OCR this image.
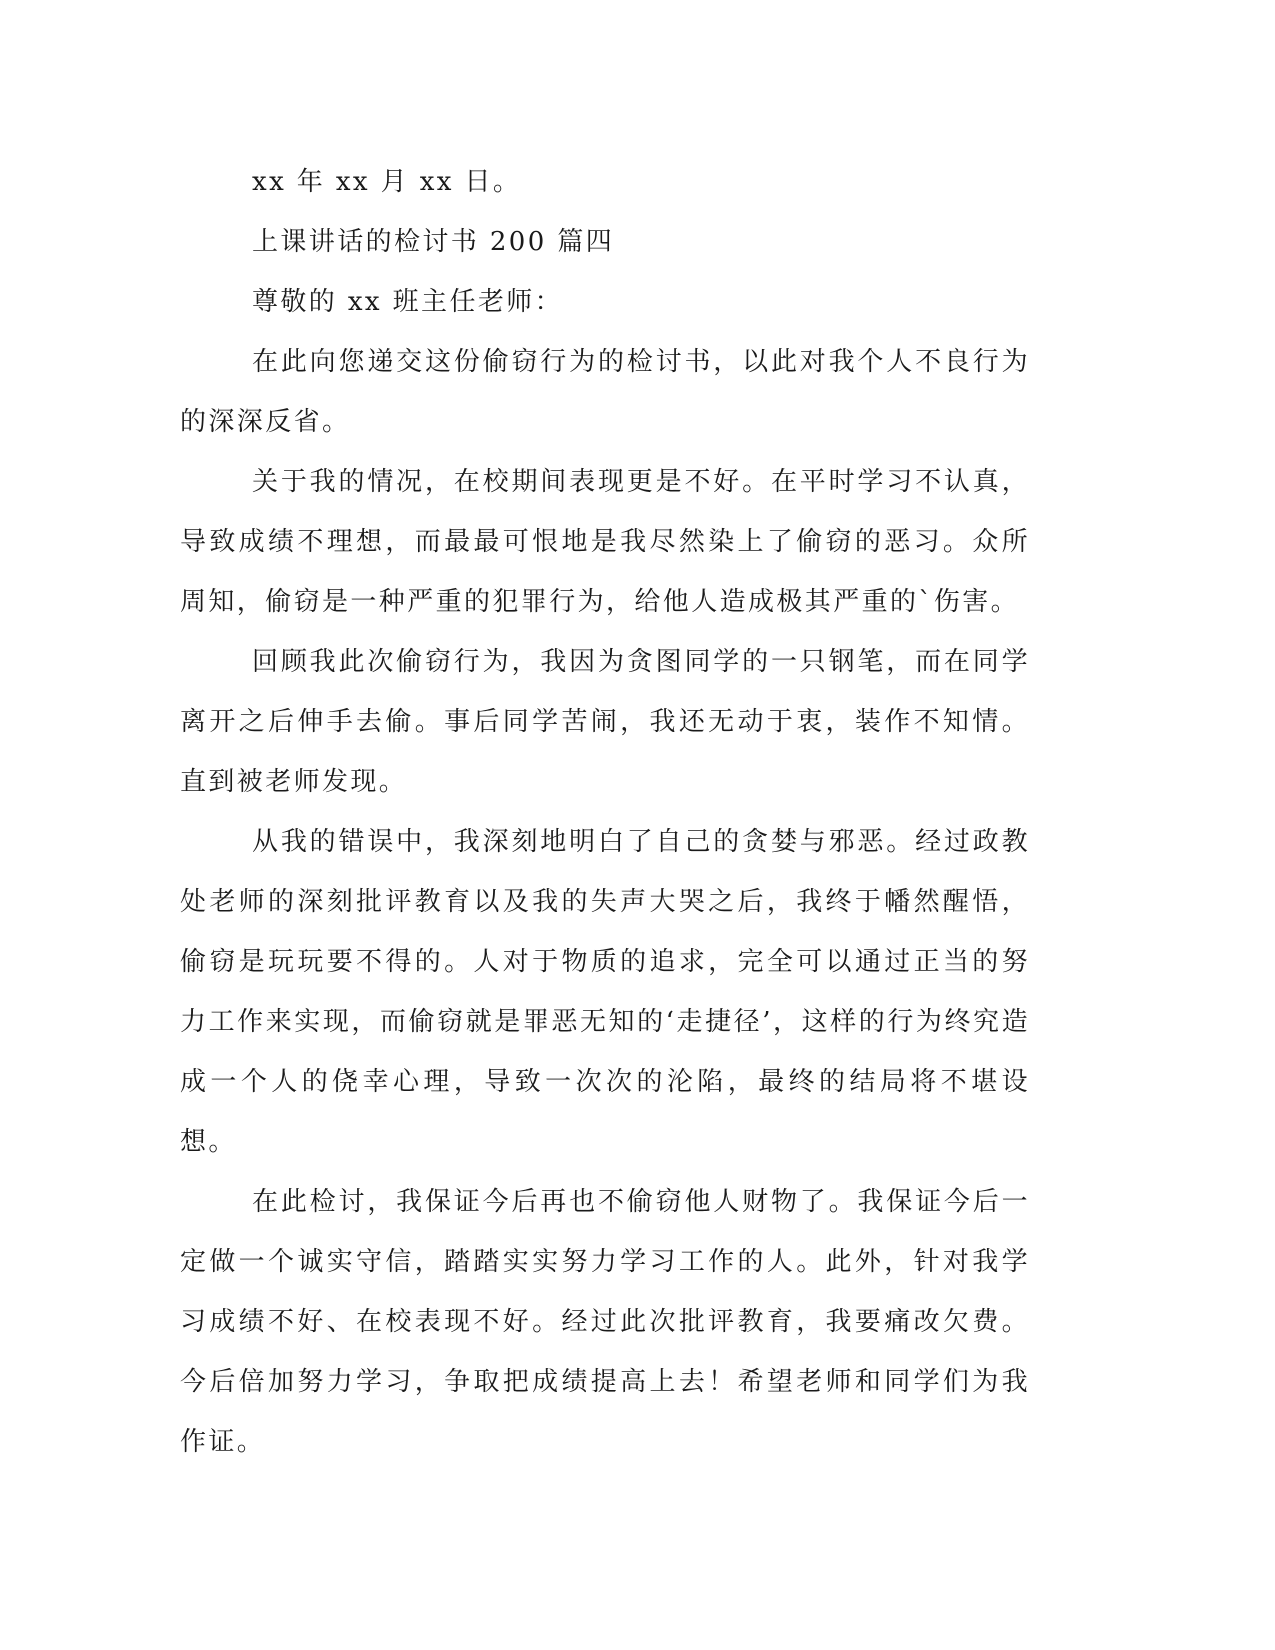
xx 年 xx 月 xx 日。

上课讲话的检讨书 200 篇四

尊敬的 xx 班主任老师：

在此向您递交这份偷窃行为的检讨书，以此对我个人不良行为的深深反省。

关于我的情况，在校期间表现更是不好。在平时学习不认真，导致成绩不理想，而最最可恨地是我尽然染上了偷窃的恶习。众所周知，偷窃是一种严重的犯罪行为，给他人造成极其严重的`伤害。

回顾我此次偷窃行为，我因为贪图同学的一只钢笔，而在同学离开之后伸手去偷。事后同学苦闹，我还无动于衷，装作不知情。直到被老师发现。

从我的错误中，我深刻地明白了自己的贪婪与邪恶。经过政教处老师的深刻批评教育以及我的失声大哭之后，我终于幡然醒悟，偷窃是玩玩要不得的。人对于物质的追求，完全可以通过正当的努力工作来实现，而偷窃就是罪恶无知的‘走捷径’，这样的行为终究造成一个人的侥幸心理，导致一次次的沦陷，最终的结局将不堪设想。

在此检讨，我保证今后再也不偷窃他人财物了。我保证今后一定做一个诚实守信，踏踏实实努力学习工作的人。此外，针对我学习成绩不好、在校表现不好。经过此次批评教育，我要痛改欠费。今后倍加努力学习，争取把成绩提高上去！希望老师和同学们为我作证。
